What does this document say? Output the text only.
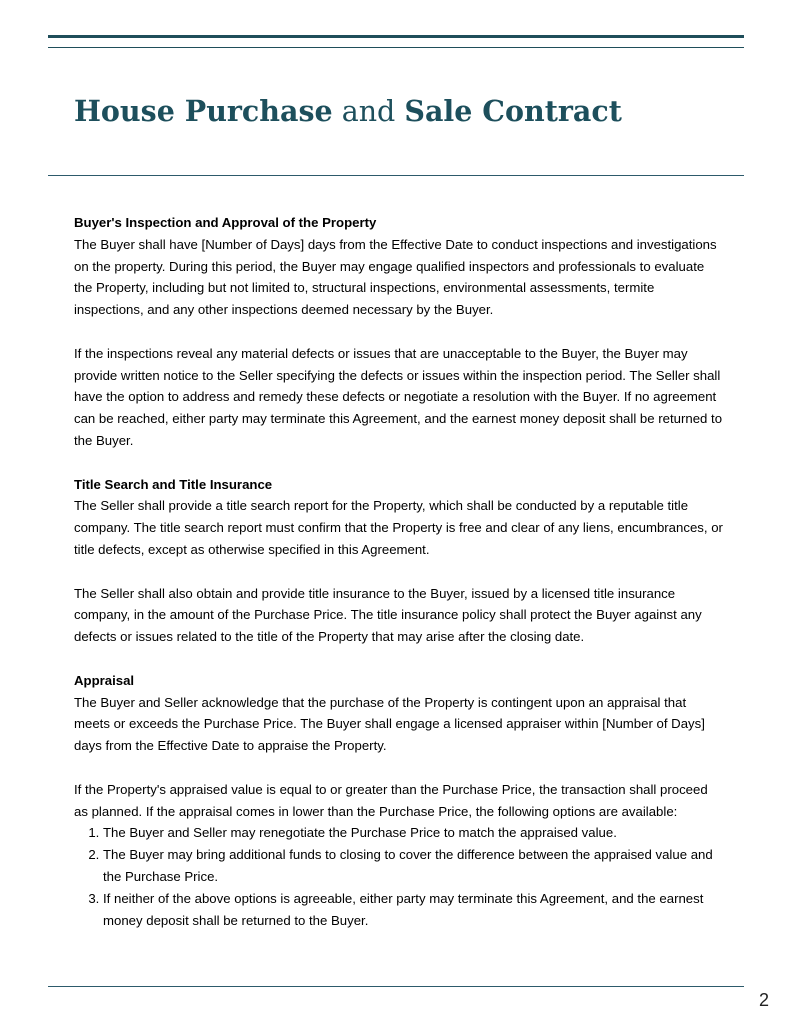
House Purchase and Sale Contract
Buyer's Inspection and Approval of the Property

The Buyer shall have [Number of Days] days from the Effective Date to conduct inspections and investigations on the property. During this period, the Buyer may engage qualified inspectors and professionals to evaluate the Property, including but not limited to, structural inspections, environmental assessments, termite inspections, and any other inspections deemed necessary by the Buyer.

If the inspections reveal any material defects or issues that are unacceptable to the Buyer, the Buyer may provide written notice to the Seller specifying the defects or issues within the inspection period. The Seller shall have the option to address and remedy these defects or negotiate a resolution with the Buyer. If no agreement can be reached, either party may terminate this Agreement, and the earnest money deposit shall be returned to the Buyer.

Title Search and Title Insurance

The Seller shall provide a title search report for the Property, which shall be conducted by a reputable title company. The title search report must confirm that the Property is free and clear of any liens, encumbrances, or title defects, except as otherwise specified in this Agreement.

The Seller shall also obtain and provide title insurance to the Buyer, issued by a licensed title insurance company, in the amount of the Purchase Price. The title insurance policy shall protect the Buyer against any defects or issues related to the title of the Property that may arise after the closing date.

Appraisal

The Buyer and Seller acknowledge that the purchase of the Property is contingent upon an appraisal that meets or exceeds the Purchase Price. The Buyer shall engage a licensed appraiser within [Number of Days] days from the Effective Date to appraise the Property.

If the Property's appraised value is equal to or greater than the Purchase Price, the transaction shall proceed as planned. If the appraisal comes in lower than the Purchase Price, the following options are available:

1. The Buyer and Seller may renegotiate the Purchase Price to match the appraised value.
2. The Buyer may bring additional funds to closing to cover the difference between the appraised value and the Purchase Price.
3. If neither of the above options is agreeable, either party may terminate this Agreement, and the earnest money deposit shall be returned to the Buyer.
2
